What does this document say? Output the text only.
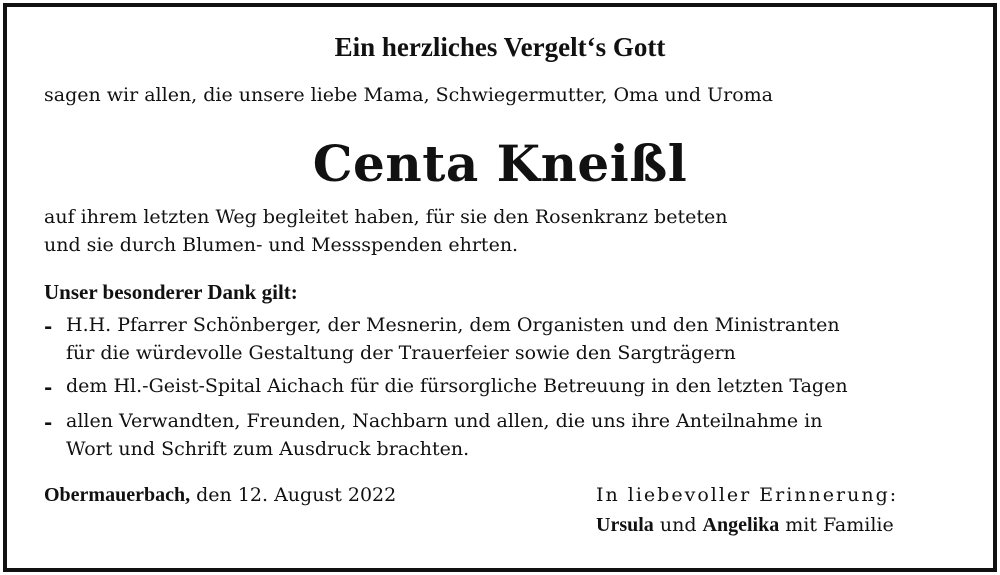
Ein herzliches Vergelt‘s Gott
sagen wir allen, die unsere liebe Mama, Schwiegermutter, Oma und Uroma
Centa Kneißl
auf ihrem letzten Weg begleitet haben, für sie den Rosenkranz beteten
und sie durch Blumen- und Messspenden ehrten.
Unser besonderer Dank gilt:
- H.H. Pfarrer Schönberger, der Mesnerin, dem Organisten und den Ministranten
für die würdevolle Gestaltung der Trauerfeier sowie den Sargträgern
- dem Hl.-Geist-Spital Aichach für die fürsorgliche Betreuung in den letzten Tagen
- allen Verwandten, Freunden, Nachbarn und allen, die uns ihre Anteilnahme in
Wort und Schrift zum Ausdruck brachten.
Obermauerbach, den 12. August 2022	In liebevoller Erinnerung:
Ursula und Angelika mit Familie
